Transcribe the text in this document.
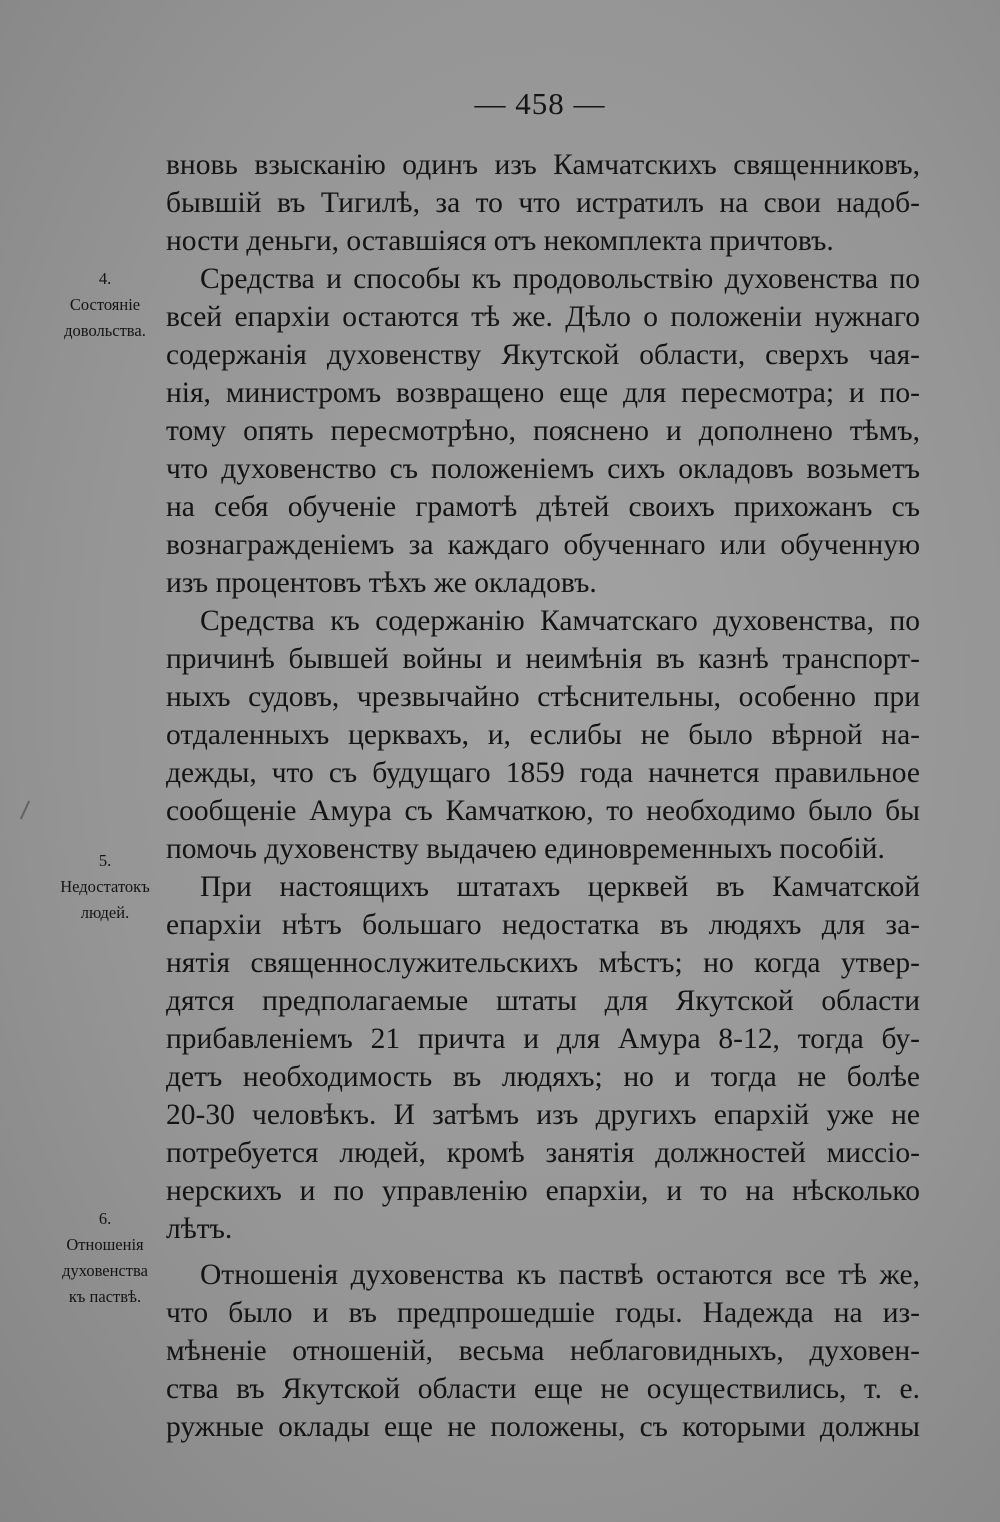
— 458 —
4.
Состояніе
довольства.
5.
Недостатокъ
людей.
6.
Отношенія
духовенства
къ паствѣ.
вновь взысканію одинъ изъ Камчатскихъ священниковъ,
бывшій въ Тигилѣ, за то что истратилъ на свои надоб-
ности деньги, оставшіяся отъ некомплекта причтовъ.
Средства и способы къ продовольствію духовенства по
всей епархіи остаются тѣ же. Дѣло о положеніи нужнаго
содержанія духовенству Якутской области, сверхъ чая-
нія, министромъ возвращено еще для пересмотра; и по-
тому опять пересмотрѣно, пояснено и дополнено тѣмъ,
что духовенство съ положеніемъ сихъ окладовъ возьметъ
на себя обученіе грамотѣ дѣтей своихъ прихожанъ съ
вознагражденіемъ за каждаго обученнаго или обученную
изъ процентовъ тѣхъ же окладовъ.
Средства къ содержанію Камчатскаго духовенства, по
причинѣ бывшей войны и неимѣнія въ казнѣ транспорт-
ныхъ судовъ, чрезвычайно стѣснительны, особенно при
отдаленныхъ церквахъ, и, еслибы не было вѣрной на-
дежды, что съ будущаго 1859 года начнется правильное
сообщеніе Амура съ Камчаткою, то необходимо было бы
помочь духовенству выдачею единовременныхъ пособій.
При настоящихъ штатахъ церквей въ Камчатской
епархіи нѣтъ большаго недостатка въ людяхъ для за-
нятія священнослужительскихъ мѣстъ; но когда утвер-
дятся предполагаемые штаты для Якутской области
прибавленіемъ 21 причта и для Амура 8-12, тогда бу-
детъ необходимость въ людяхъ; но и тогда не болѣе
20-30 человѣкъ. И затѣмъ изъ другихъ епархій уже не
потребуется людей, кромѣ занятія должностей миссіо-
нерскихъ и по управленію епархіи, и то на нѣсколько
лѣтъ.
Отношенія духовенства къ паствѣ остаются все тѣ же,
что было и въ предпрошедшіе годы. Надежда на из-
мѣненіе отношеній, весьма неблаговидныхъ, духовен-
ства въ Якутской области еще не осуществились, т. е.
ружные оклады еще не положены, съ которыми должны
